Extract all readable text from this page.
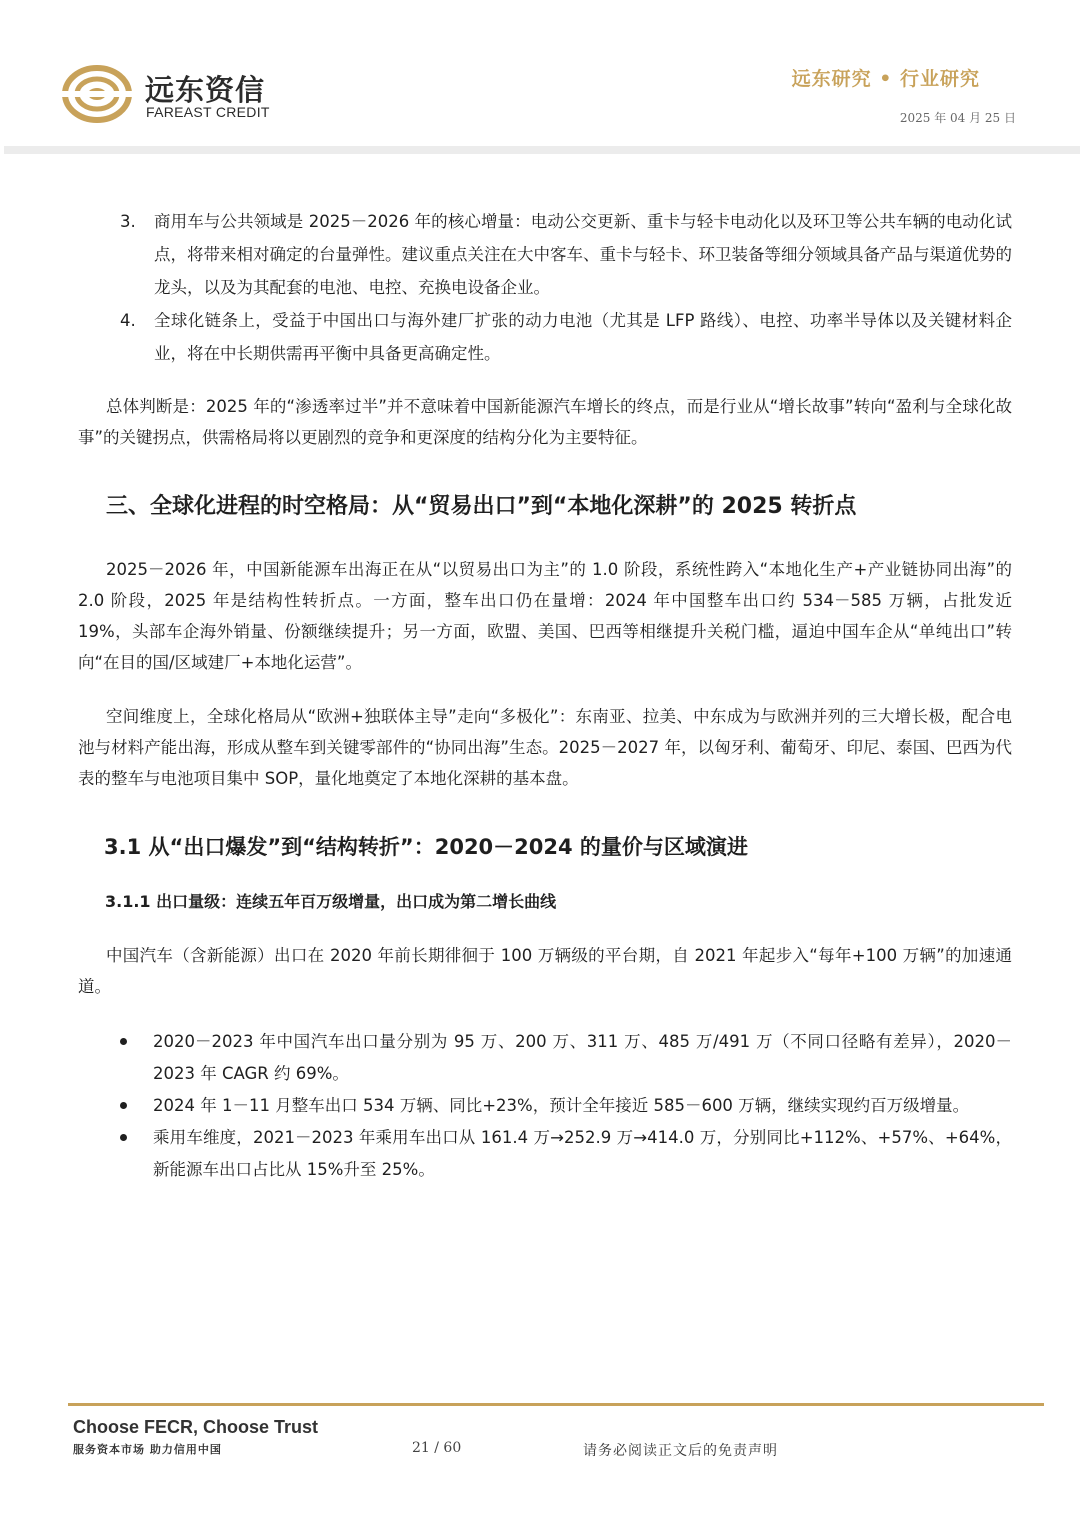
远东资信
FAREAST CREDIT
远东研究 • 行业研究
2025 年 04 月 25 日
3. 商用车与公共领域是 2025－2026 年的核心增量：电动公交更新、重卡与轻卡电动化以及环卫等公共车辆的电动化试点，将带来相对确定的台量弹性。建议重点关注在大中客车、重卡与轻卡、环卫装备等细分领域具备产品与渠道优势的龙头，以及为其配套的电池、电控、充换电设备企业。
4. 全球化链条上，受益于中国出口与海外建厂扩张的动力电池（尤其是 LFP 路线）、电控、功率半导体以及关键材料企业，将在中长期供需再平衡中具备更高确定性。

总体判断是：2025 年的“渗透率过半”并不意味着中国新能源汽车增长的终点，而是行业从“增长故事”转向“盈利与全球化故事”的关键拐点，供需格局将以更剧烈的竞争和更深度的结构分化为主要特征。

三、全球化进程的时空格局：从“贸易出口”到“本地化深耕”的 2025 转折点

2025－2026 年，中国新能源车出海正在从“以贸易出口为主”的 1.0 阶段，系统性跨入“本地化生产+产业链协同出海”的 2.0 阶段，2025 年是结构性转折点。一方面，整车出口仍在量增：2024 年中国整车出口约 534－585 万辆，占批发近 19%，头部车企海外销量、份额继续提升；另一方面，欧盟、美国、巴西等相继提升关税门槛，逼迫中国车企从“单纯出口”转向“在目的国/区域建厂+本地化运营”。

空间维度上，全球化格局从“欧洲+独联体主导”走向“多极化”：东南亚、拉美、中东成为与欧洲并列的三大增长极，配合电池与材料产能出海，形成从整车到关键零部件的“协同出海”生态。2025－2027 年，以匈牙利、葡萄牙、印尼、泰国、巴西为代表的整车与电池项目集中 SOP，量化地奠定了本地化深耕的基本盘。

3.1 从“出口爆发”到“结构转折”：2020－2024 的量价与区域演进
3.1.1 出口量级：连续五年百万级增量，出口成为第二增长曲线

中国汽车（含新能源）出口在 2020 年前长期徘徊于 100 万辆级的平台期，自 2021 年起步入“每年+100 万辆”的加速通道。

2020－2023 年中国汽车出口量分别为 95 万、200 万、311 万、485 万/491 万（不同口径略有差异），2020－2023 年 CAGR 约 69%。
2024 年 1－11 月整车出口 534 万辆、同比+23%，预计全年接近 585－600 万辆，继续实现约百万级增量。
乘用车维度，2021－2023 年乘用车出口从 161.4 万→252.9 万→414.0 万，分别同比+112%、+57%、+64%，新能源车出口占比从 15%升至 25%。
Choose FECR, Choose Trust
服务资本市场 助力信用中国	21 / 60	请务必阅读正文后的免责声明
